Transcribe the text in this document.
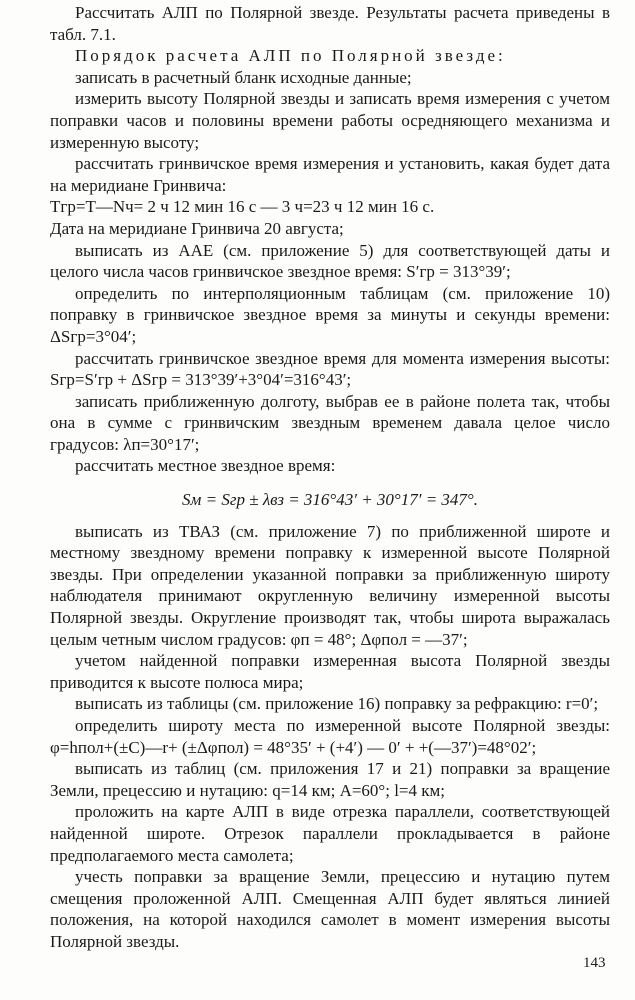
Рассчитать АЛП по Полярной звезде. Результаты расчета приведены в табл. 7.1.

Порядок расчета АЛП по Полярной звезде:

записать в расчетный бланк исходные данные;

измерить высоту Полярной звезды и записать время измерения с учетом поправки часов и половины времени работы осредняющего механизма и измеренную высоту;

рассчитать гринвичское время измерения и установить, какая будет дата на меридиане Гринвича:

Tгр=T—Nч= 2 ч 12 мин 16 с — 3 ч=23 ч 12 мин 16 с.

Дата на меридиане Гринвича 20 августа;

выписать из ААЕ (см. приложение 5) для соответствующей даты и целого числа часов гринвичское звездное время: S′гр = 313°39′;

определить по интерполяционным таблицам (см. приложение 10) поправку в гринвичское звездное время за минуты и секунды времени: ΔSгр=3°04′;

рассчитать гринвичское звездное время для момента измерения высоты: Sгр=S′гр + ΔSгр = 313°39′+3°04′=316°43′;

записать приближенную долготу, выбрав ее в районе полета так, чтобы она в сумме с гринвичским звездным временем давала целое число градусов: λп=30°17′;

рассчитать местное звездное время:

Sм = Sгр ± λвз = 316°43′ + 30°17′ = 347°.

выписать из ТВАЗ (см. приложение 7) по приближенной широте и местному звездному времени поправку к измеренной высоте Полярной звезды. При определении указанной поправки за приближенную широту наблюдателя принимают округленную величину измеренной высоты Полярной звезды. Округление производят так, чтобы широта выражалась целым четным числом градусов: φп = 48°; Δφпол = —37′;

учетом найденной поправки измеренная высота Полярной звезды приводится к высоте полюса мира;

выписать из таблицы (см. приложение 16) поправку за рефракцию: r=0′;

определить широту места по измеренной высоте Полярной звезды: φ=hпол+(±C)—r+ (±Δφпол) = 48°35′ + (+4′) — 0′ + +(—37′)=48°02′;

выписать из таблиц (см. приложения 17 и 21) поправки за вращение Земли, прецессию и нутацию: q=14 км; A=60°; l=4 км;

проложить на карте АЛП в виде отрезка параллели, соответствующей найденной широте. Отрезок параллели прокладывается в районе предполагаемого места самолета;

учесть поправки за вращение Земли, прецессию и нутацию путем смещения проложенной АЛП. Смещенная АЛП будет являться линией положения, на которой находился самолет в момент измерения высоты Полярной звезды.

143
